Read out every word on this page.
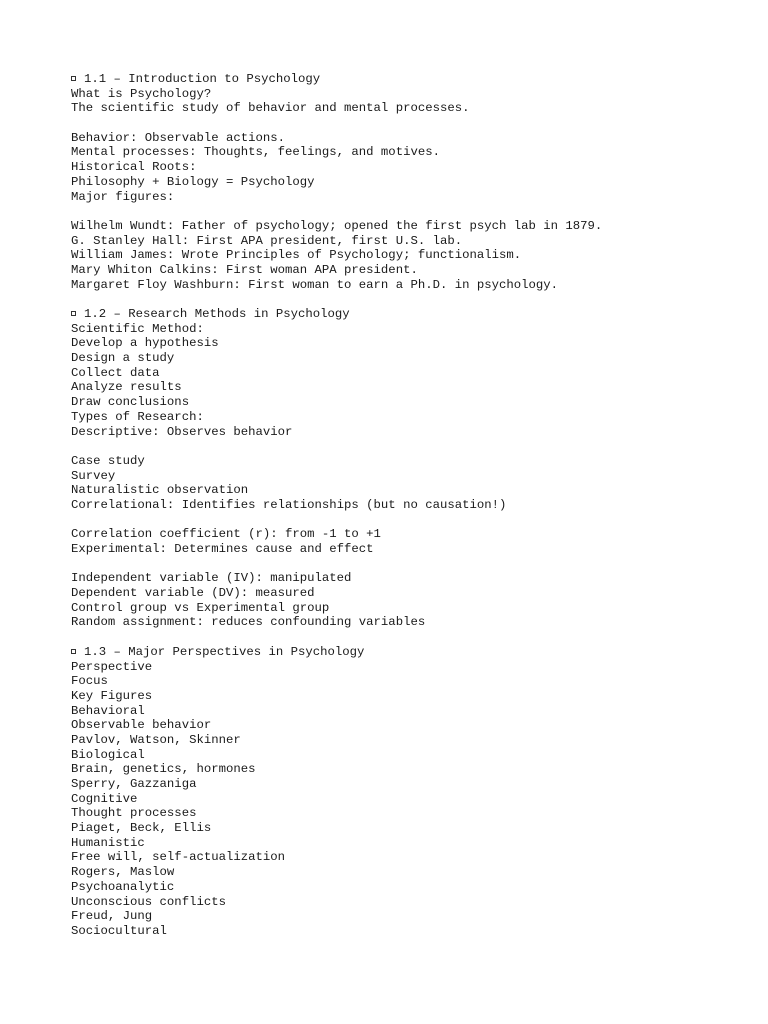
1.1 – Introduction to Psychology
What is Psychology?
The scientific study of behavior and mental processes.
Behavior: Observable actions.
Mental processes: Thoughts, feelings, and motives.
Historical Roots:
Philosophy + Biology = Psychology
Major figures:
Wilhelm Wundt: Father of psychology; opened the first psych lab in 1879.
G. Stanley Hall: First APA president, first U.S. lab.
William James: Wrote Principles of Psychology; functionalism.
Mary Whiton Calkins: First woman APA president.
Margaret Floy Washburn: First woman to earn a Ph.D. in psychology.
1.2 – Research Methods in Psychology
Scientific Method:
Develop a hypothesis
Design a study
Collect data
Analyze results
Draw conclusions
Types of Research:
Descriptive: Observes behavior
Case study
Survey
Naturalistic observation
Correlational: Identifies relationships (but no causation!)
Correlation coefficient (r): from -1 to +1
Experimental: Determines cause and effect
Independent variable (IV): manipulated
Dependent variable (DV): measured
Control group vs Experimental group
Random assignment: reduces confounding variables
1.3 – Major Perspectives in Psychology
Perspective
Focus
Key Figures
Behavioral
Observable behavior
Pavlov, Watson, Skinner
Biological
Brain, genetics, hormones
Sperry, Gazzaniga
Cognitive
Thought processes
Piaget, Beck, Ellis
Humanistic
Free will, self-actualization
Rogers, Maslow
Psychoanalytic
Unconscious conflicts
Freud, Jung
Sociocultural
